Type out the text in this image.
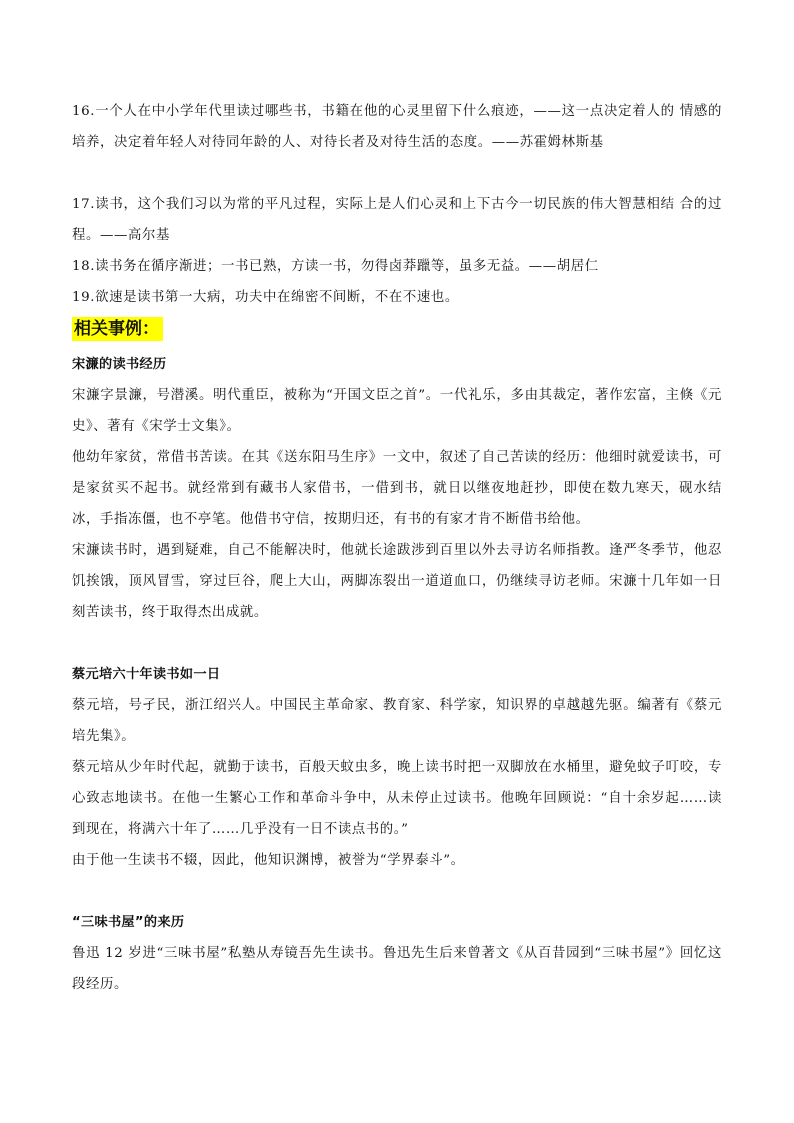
16.一个人在中小学年代里读过哪些书，书籍在他的心灵里留下什么痕迹，——这一点决定着人的 情感的培养，决定着年轻人对待同年龄的人、对待长者及对待生活的态度。——苏霍姆林斯基

17.读书，这个我们习以为常的平凡过程，实际上是人们心灵和上下古今一切民族的伟大智慧相结 合的过程。——高尔基

18.读书务在循序渐进；一书已熟，方读一书，勿得卤莽躐等，虽多无益。——胡居仁

19.欲速是读书第一大病，功夫中在绵密不间断，不在不速也。

相关事例：

宋濂的读书经历

宋濂字景濂，号潜溪。明代重臣，被称为“开国文臣之首”。一代礼乐，多由其裁定，著作宏富，主倏《元史》、著有《宋学士文集》。

他幼年家贫，常借书苦读。在其《送东阳马生序》一文中，叙述了自己苦读的经历：他细时就爱读书，可是家贫买不起书。就经常到有藏书人家借书，一借到书，就日以继夜地赶抄，即使在数九寒天，砚水结冰，手指冻僵，也不亭笔。他借书守信，按期归还，有书的有家才肯不断借书给他。

宋濂读书时，遇到疑难，自己不能解决时，他就长途跋涉到百里以外去寻访名师指教。逢严冬季节，他忍饥挨饿，顶风冒雪，穿过巨谷，爬上大山，两脚冻裂出一道道血口，仍继续寻访老师。宋濂十几年如一日刻苦读书，终于取得杰出成就。

蔡元培六十年读书如一日

蔡元培，号孑民，浙江绍兴人。中国民主革命家、教育家、科学家，知识界的卓越越先驱。编著有《蔡元培先集》。

蔡元培从少年时代起，就勤于读书，百般天蚊虫多，晚上读书时把一双脚放在水桶里，避免蚊子叮咬，专心致志地读书。在他一生繁心工作和革命斗争中，从未停止过读书。他晚年回顾说：“自十余岁起……读到现在，将满六十年了……几乎没有一日不读点书的。”

由于他一生读书不辍，因此，他知识渊博，被誉为“学界泰斗”。

“三味书屋”的来历

鲁迅 12 岁进“三味书屋”私塾从寿镜吾先生读书。鲁迅先生后来曾著文《从百昔园到“三味书屋”》回忆这段经历。
